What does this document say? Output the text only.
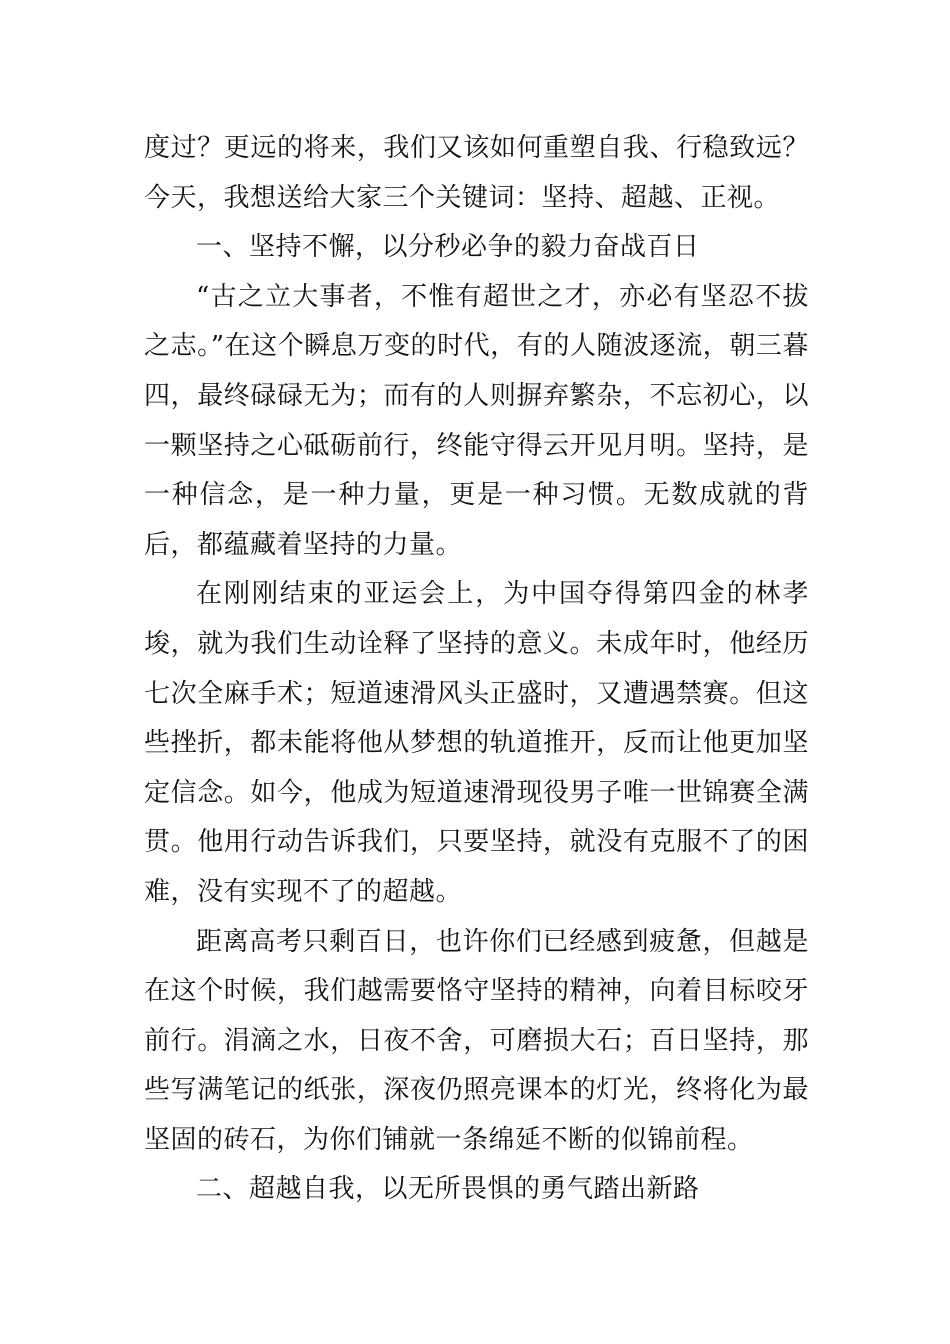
度过？更远的将来，我们又该如何重塑自我、行稳致远？今天，我想送给大家三个关键词：坚持、超越、正视。

一、坚持不懈，以分秒必争的毅力奋战百日

“古之立大事者，不惟有超世之才，亦必有坚忍不拔之志。”在这个瞬息万变的时代，有的人随波逐流，朝三暮四，最终碌碌无为；而有的人则摒弃繁杂，不忘初心，以一颗坚持之心砥砺前行，终能守得云开见月明。坚持，是一种信念，是一种力量，更是一种习惯。无数成就的背后，都蕴藏着坚持的力量。

在刚刚结束的亚运会上，为中国夺得第四金的林孝埈，就为我们生动诠释了坚持的意义。未成年时，他经历七次全麻手术；短道速滑风头正盛时，又遭遇禁赛。但这些挫折，都未能将他从梦想的轨道推开，反而让他更加坚定信念。如今，他成为短道速滑现役男子唯一世锦赛全满贯。他用行动告诉我们，只要坚持，就没有克服不了的困难，没有实现不了的超越。

距离高考只剩百日，也许你们已经感到疲惫，但越是在这个时候，我们越需要恪守坚持的精神，向着目标咬牙前行。涓滴之水，日夜不舍，可磨损大石；百日坚持，那些写满笔记的纸张，深夜仍照亮课本的灯光，终将化为最坚固的砖石，为你们铺就一条绵延不断的似锦前程。

二、超越自我，以无所畏惧的勇气踏出新路
